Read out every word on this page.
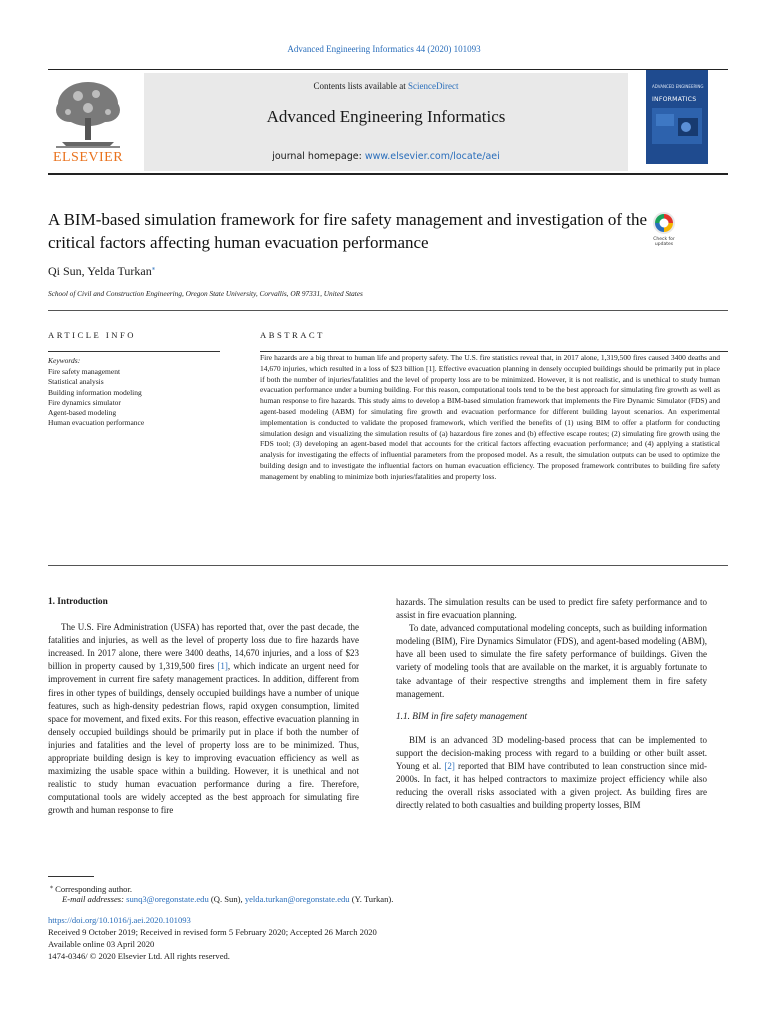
Advanced Engineering Informatics 44 (2020) 101093
ELSEVIER
Contents lists available at ScienceDirect
Advanced Engineering Informatics
journal homepage: www.elsevier.com/locate/aei
ADVANCED ENGINEERING
INFORMATICS
A BIM-based simulation framework for fire safety management and investigation of the critical factors affecting human evacuation performance	Check for
updates
Qi Sun, Yelda Turkan⁎
School of Civil and Construction Engineering, Oregon State University, Corvallis, OR 97331, United States
ARTICLE INFO
Keywords:
Fire safety management
Statistical analysis
Building information modeling
Fire dynamics simulator
Agent-based modeling
Human evacuation performance
ABSTRACT
Fire hazards are a big threat to human life and property safety. The U.S. fire statistics reveal that, in 2017 alone, 1,319,500 fires caused 3400 deaths and 14,670 injuries, which resulted in a loss of $23 billion [1]. Effective evacuation planning in densely occupied buildings should be primarily put in place if both the number of injuries/fatalities and the level of property loss are to be minimized. However, it is not realistic, and is unethical to study human evacuation performance under a burning building. For this reason, computational tools tend to be the best approach for simulating fire growth as well as human response to fire hazards. This study aims to develop a BIM-based simulation framework that implements the Fire Dynamic Simulator (FDS) and agent-based modeling (ABM) for simulating fire growth and evacuation performance for different building layout scenarios. An experimental implementation is conducted to validate the proposed framework, which verified the benefits of (1) using BIM to offer a platform for conducting simulation design and visualizing the simulation results of (a) hazardous fire zones and (b) effective escape routes; (2) simulating fire growth using the FDS tool; (3) developing an agent-based model that accounts for the critical factors affecting evacuation performance; and (4) applying a statistical analysis for investigating the effects of influential parameters from the proposed model. As a result, the simulation outputs can be used to optimize the building design and to investigate the influential factors on human evacuation efficiency. The proposed framework contributes to building fire safety management by enabling to minimize both injuries/fatalities and property loss.

1. Introduction

The U.S. Fire Administration (USFA) has reported that, over the past decade, the fatalities and injuries, as well as the level of property loss due to fire hazards have increased. In 2017 alone, there were 3400 deaths, 14,670 injuries, and a loss of $23 billion in property caused by 1,319,500 fires [1], which indicate an urgent need for improvement in current fire safety management practices. In addition, different from fires in other types of buildings, densely occupied buildings have a number of unique features, such as high-density pedestrian flows, rapid oxygen consumption, limited space for movement, and fixed exits. For this reason, effective evacuation planning in densely occupied buildings should be primarily put in place if both the number of injuries and fatalities and the level of property loss are to be minimized. Thus, appropriate building design is key to improving evacuation efficiency as well as maximizing the usable space within a building. However, it is unethical and not realistic to study human evacuation performance during a fire. Therefore, computational tools are widely accepted as the best approach for simulating fire growth and human response to fire

hazards. The simulation results can be used to predict fire safety performance and to assist in fire evacuation planning.

To date, advanced computational modeling concepts, such as building information modeling (BIM), Fire Dynamics Simulator (FDS), and agent-based modeling (ABM), have all been used to simulate the fire safety performance of buildings. Given the variety of modeling tools that are available on the market, it is arguably fortunate to take advantage of their respective strengths and implement them in fire safety management.

1.1. BIM in fire safety management

BIM is an advanced 3D modeling-based process that can be implemented to support the decision-making process with regard to a building or other built asset. Young et al. [2] reported that BIM have contributed to lean construction since mid-2000s. In fact, it has helped contractors to maximize project efficiency while also reducing the overall risks associated with a given project. As building fires are directly related to both casualties and building property losses, BIM

⁎ Corresponding author.
E-mail addresses: sunq3@oregonstate.edu (Q. Sun), yelda.turkan@oregonstate.edu (Y. Turkan).
https://doi.org/10.1016/j.aei.2020.101093
Received 9 October 2019; Received in revised form 5 February 2020; Accepted 26 March 2020
Available online 03 April 2020
1474-0346/ © 2020 Elsevier Ltd. All rights reserved.
